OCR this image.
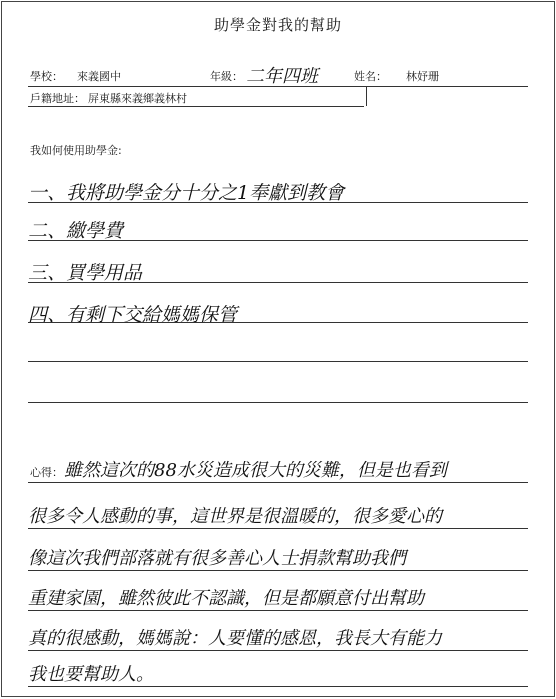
助學金對我的幫助
學校： 來義國中	年級： 二年四班	姓名： 林妤珊
戶籍地址： 屏東縣來義鄉義林村
我如何使用助學金:
一、我將助學金分十分之1奉獻到教會
二、繳學費
三、買學用品
四、有剩下交給媽媽保管
心得： 雖然這次的88水災造成很大的災難，但是也看到
很多令人感動的事，這世界是很溫暖的，很多愛心的
像這次我們部落就有很多善心人士捐款幫助我們
重建家園，雖然彼此不認識，但是都願意付出幫助
真的很感動，媽媽說：人要懂的感恩，我長大有能力
我也要幫助人。
